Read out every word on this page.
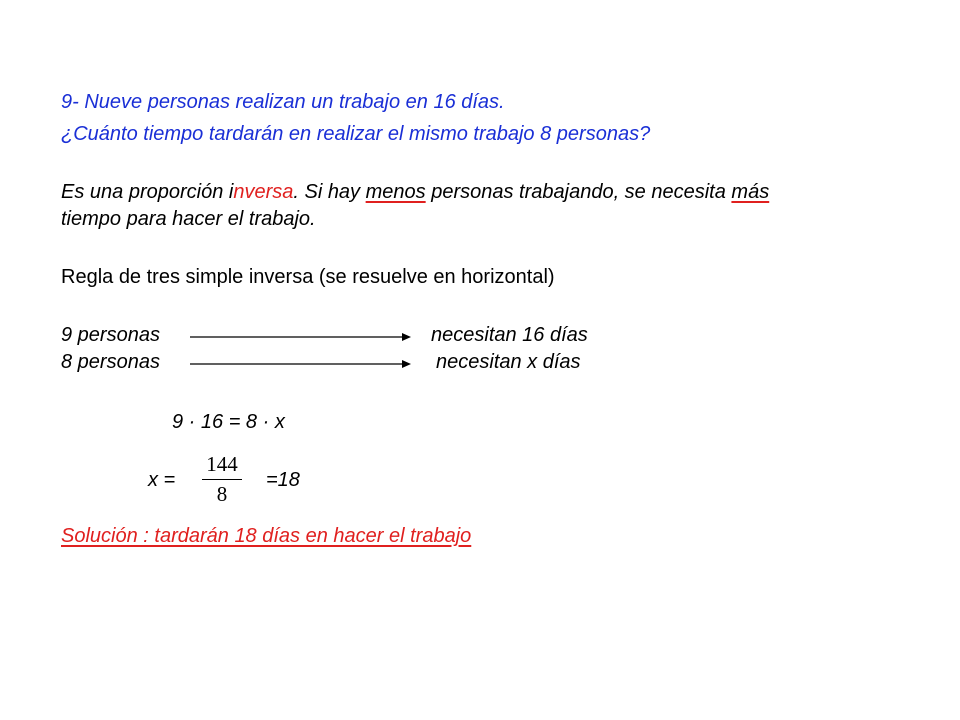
9- Nueve personas realizan un trabajo en 16 días.
¿Cuánto tiempo tardarán en realizar el mismo trabajo 8 personas?
Es una proporción inversa. Si hay menos personas trabajando, se necesita más
tiempo para hacer el trabajo.
Regla de tres simple inversa (se resuelve en horizontal)
9 personas	necesitan 16 días
8 personas	necesitan x días
9 · 16 = 8 · x
x =
144
8
=18
Solución : tardarán 18 días en hacer el trabajo
